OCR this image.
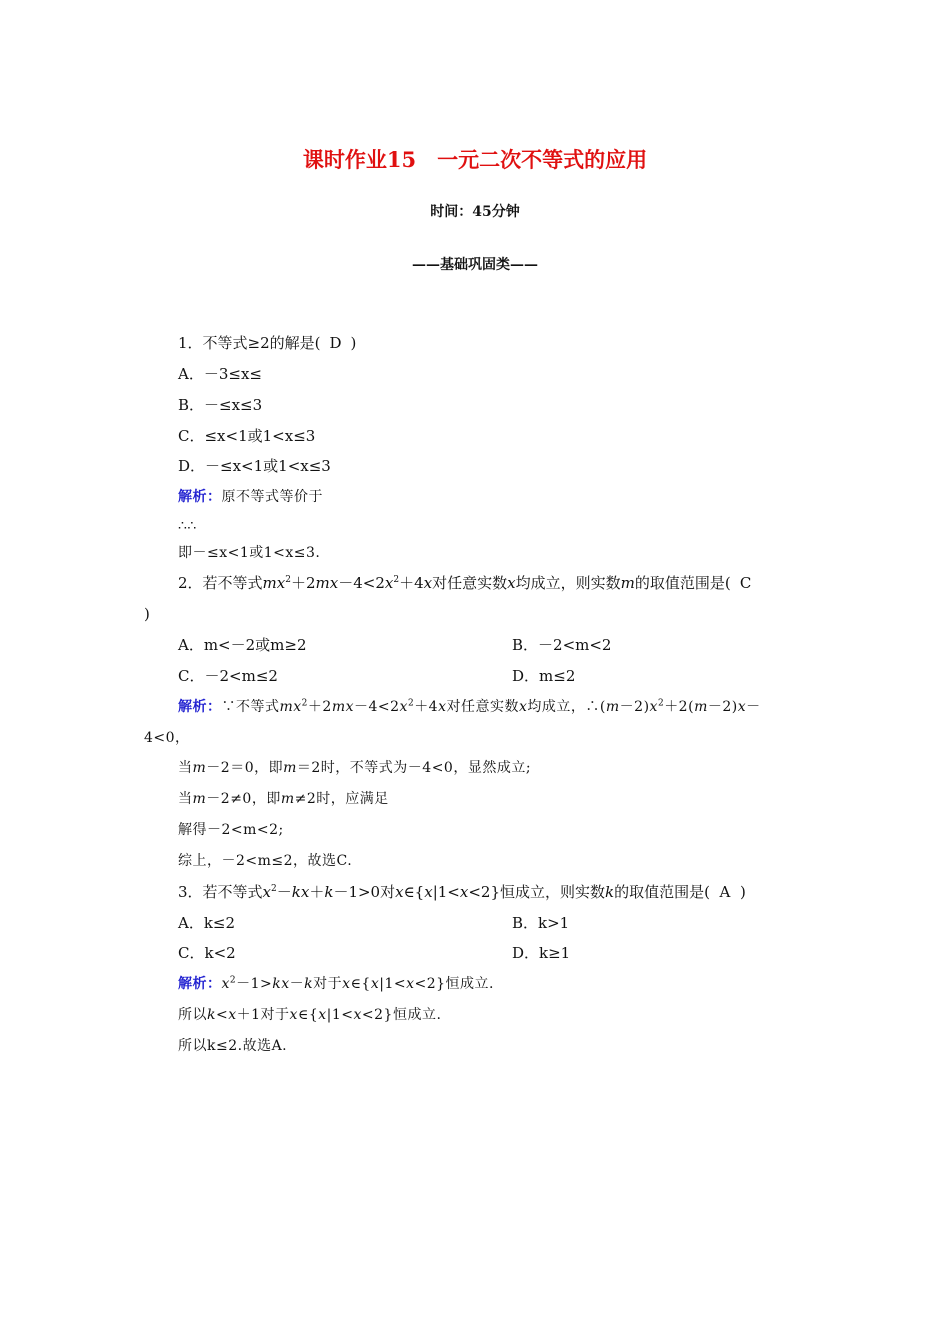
课时作业15　一元二次不等式的应用
时间：45分钟
——基础巩固类——
1．不等式≥2的解是( D )
A．－3≤x≤
B．－≤x≤3
C．≤x<1或1<x≤3
D．－≤x<1或1<x≤3
解析：原不等式等价于
∴∴
即－≤x<1或1<x≤3.
2．若不等式$mx^2+2mx-4<2x^2+4x$对任意实数x均成立，则实数m的取值范围是( C
)
A．m<－2或m≥2	B．－2<m<2
C．－2<m≤2	D．m≤2
解析：∵不等式$mx^2+2mx-4<2x^2+4x$对任意实数x均成立，$\therefore(m-2)x^2+2(m-2)x-$
4<0，
当m－2＝0，即m＝2时，不等式为－4<0，显然成立;
当m－2≠0，即m≠2时，应满足
解得－2<m<2;
综上，－2<m≤2，故选C.
3．若不等式$x^2-kx+k-1>0$对x∈{x|1<x<2}恒成立，则实数k的取值范围是( A )
A．k≤2	B．k>1
C．k<2	D．k≥1
解析：$x^2-1>kx-k$对于x∈{x|1<x<2}恒成立.
所以k<x＋1对于x∈{x|1<x<2}恒成立.
所以k≤2.故选A.
